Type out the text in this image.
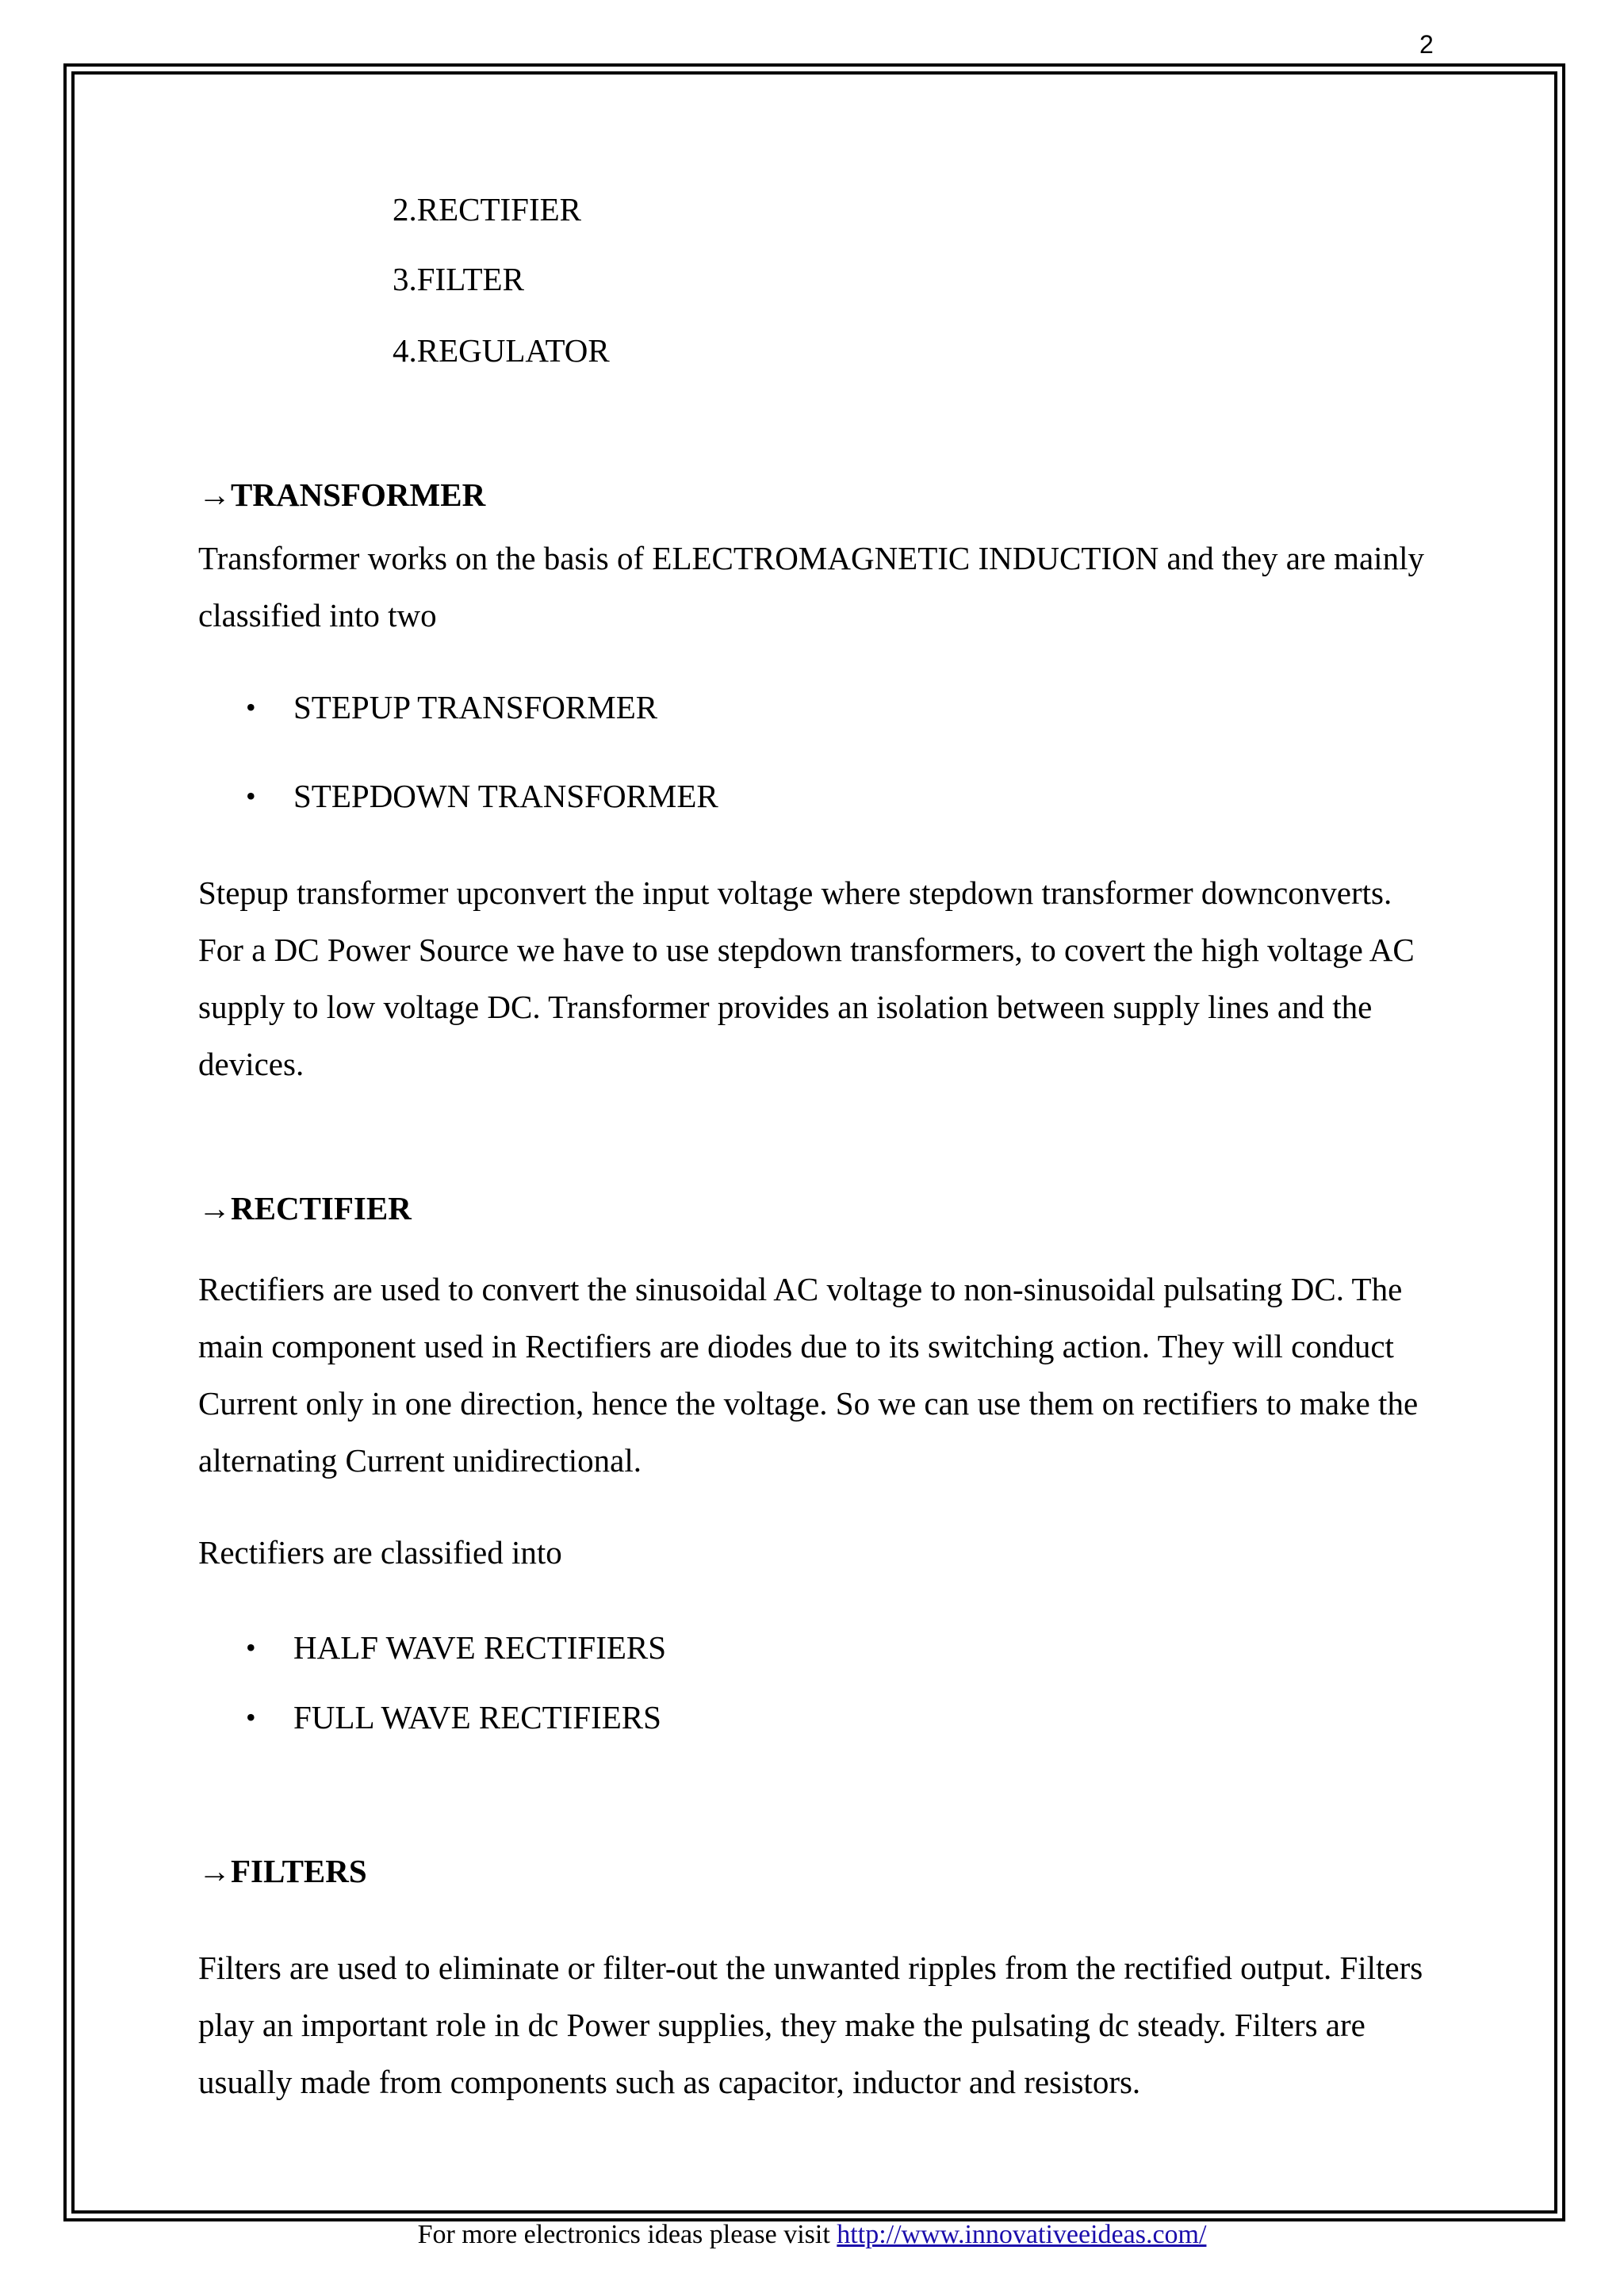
2
2.RECTIFIER
3.FILTER
4.REGULATOR
→TRANSFORMER

Transformer works on the basis of ELECTROMAGNETIC INDUCTION and they are mainly classified into two

•	STEPUP TRANSFORMER
•	STEPDOWN TRANSFORMER

Stepup transformer upconvert the input voltage where stepdown transformer downconverts. For a DC Power Source we have to use stepdown transformers, to covert the high voltage AC supply to low voltage DC. Transformer provides an isolation between supply lines and the devices.

→RECTIFIER

Rectifiers are used to convert the sinusoidal AC voltage to non-sinusoidal pulsating DC. The main component used in Rectifiers are diodes due to its switching action. They will conduct Current only in one direction, hence the voltage. So we can use them on rectifiers to make the alternating Current unidirectional.

Rectifiers are classified into

•	HALF WAVE RECTIFIERS
•	FULL WAVE RECTIFIERS
→FILTERS

Filters are used to eliminate or filter-out the unwanted ripples from the rectified output. Filters play an important role in dc Power supplies, they make the pulsating dc steady. Filters are usually made from components such as capacitor, inductor and resistors.

For more electronics ideas please visit http://www.innovativeeideas.com/
